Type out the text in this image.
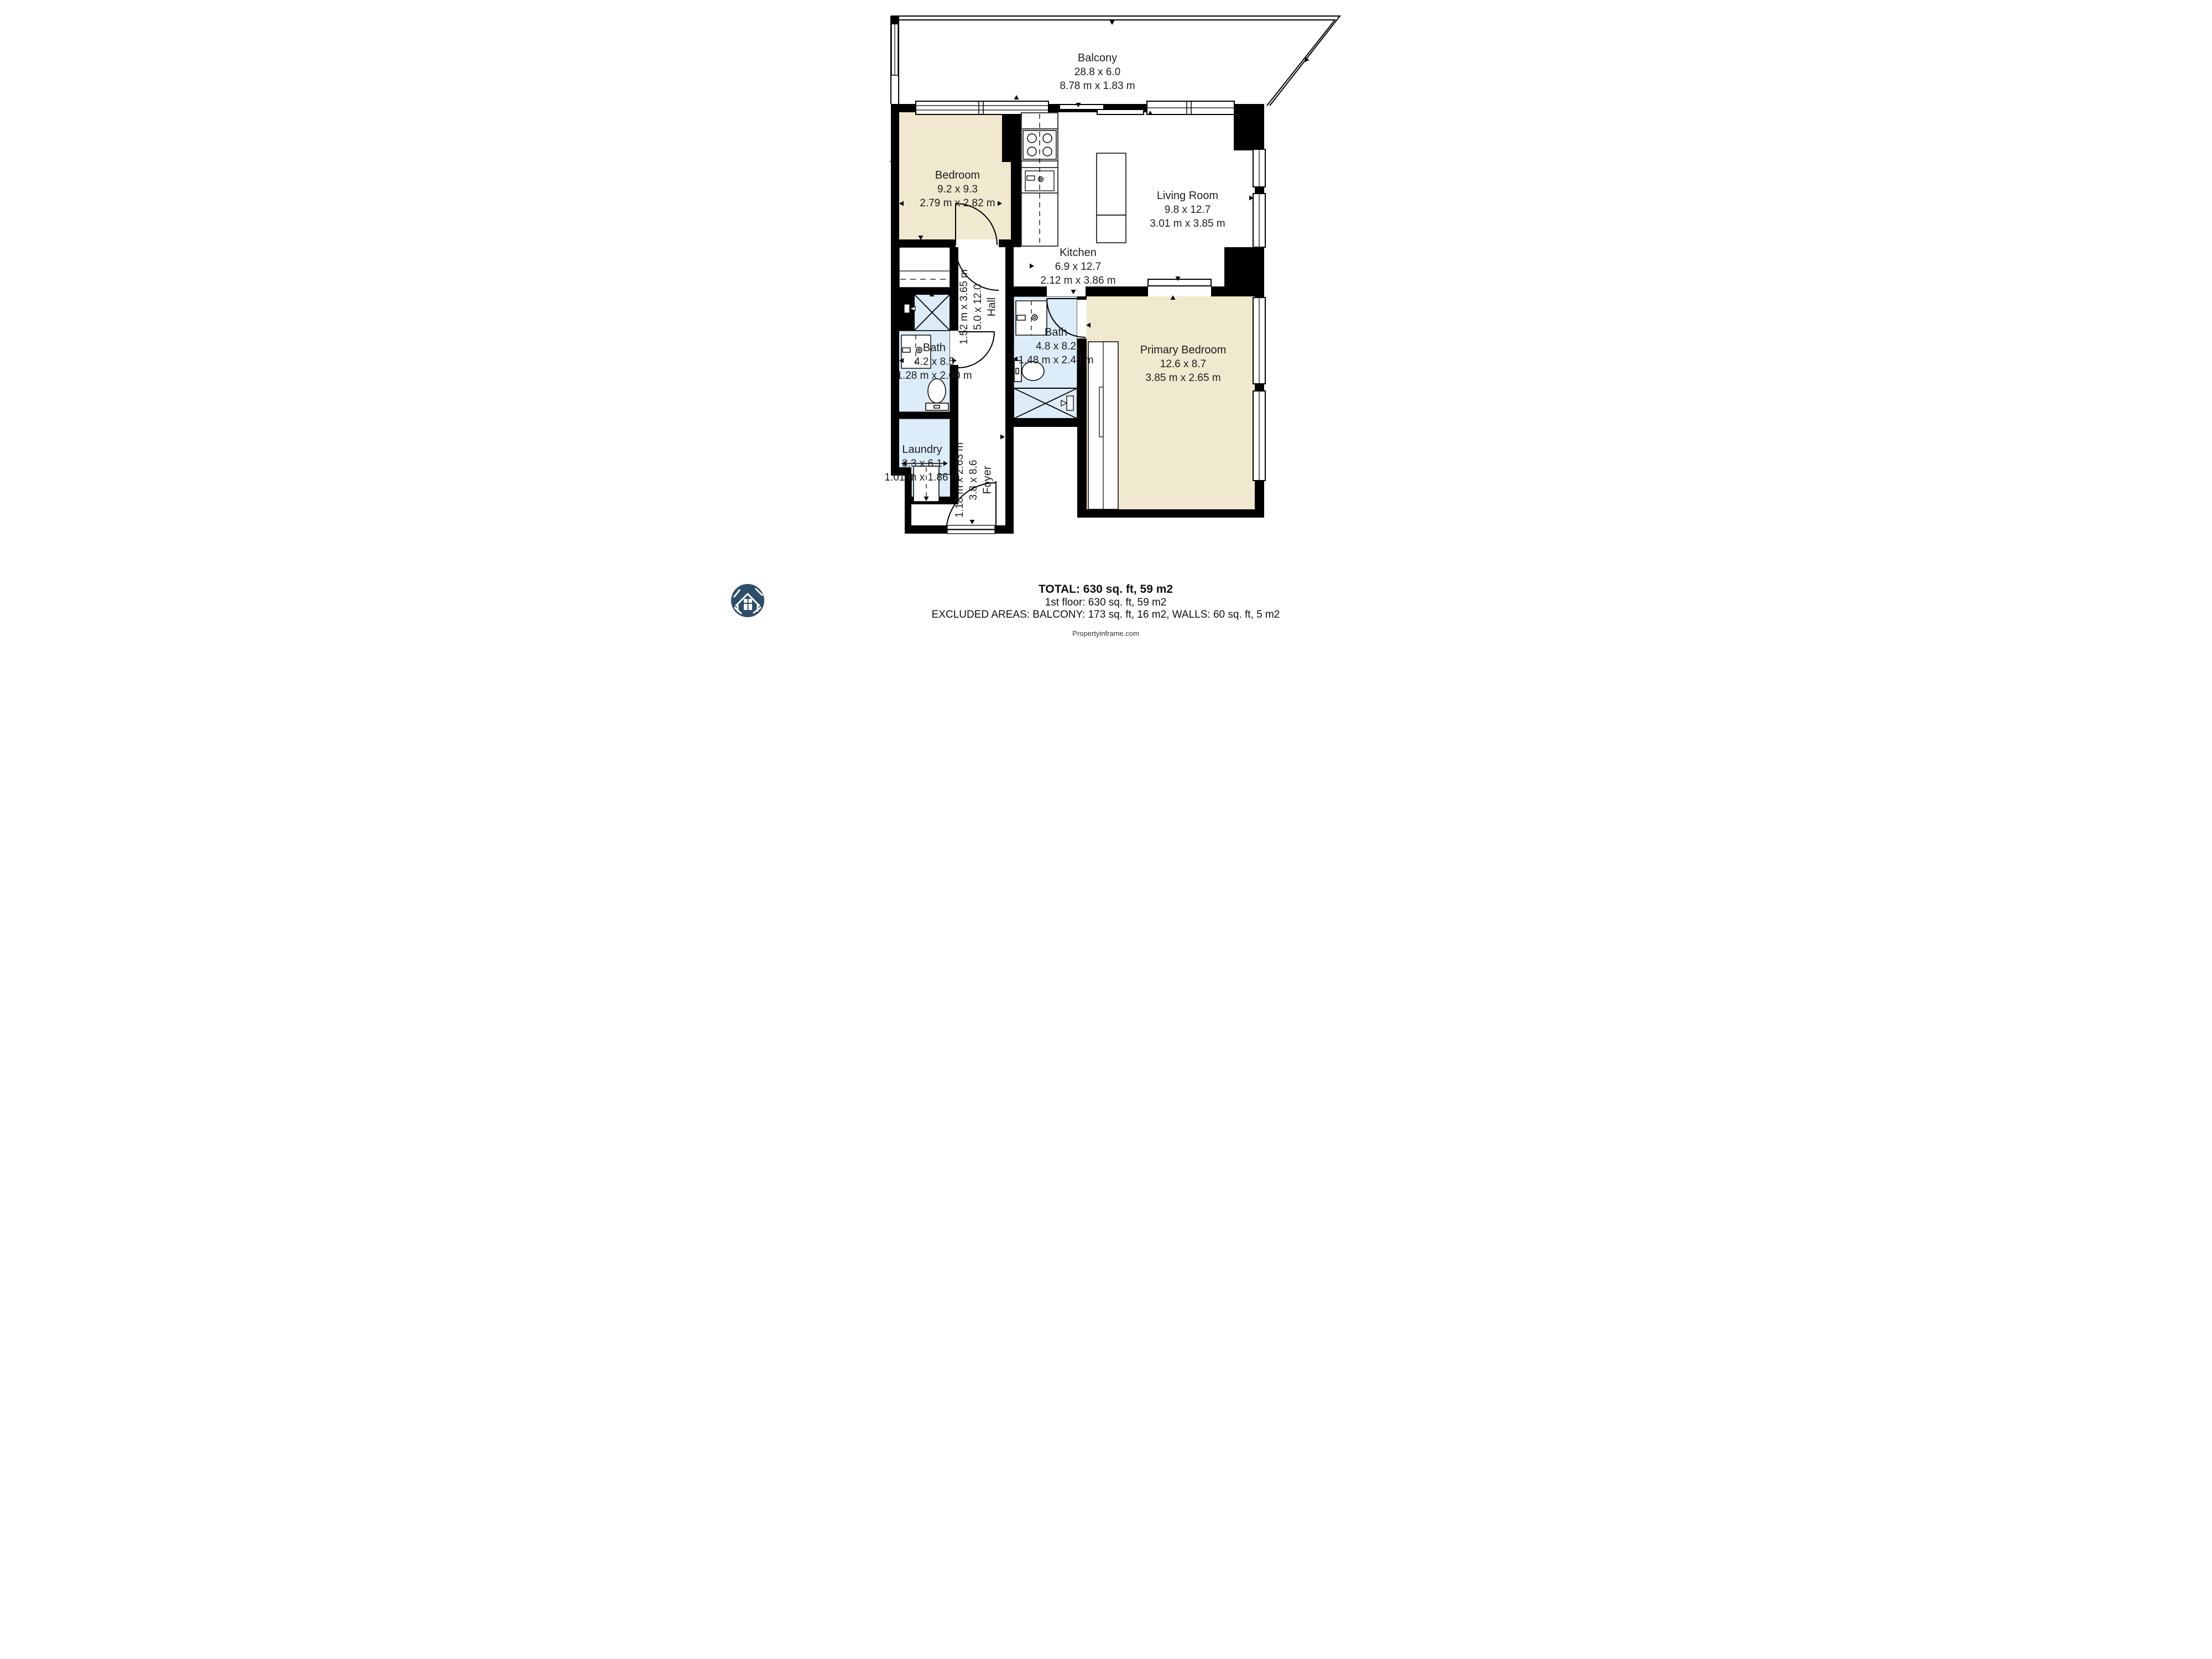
Balcony
28.8 x 6.0
8.78 m x 1.83 m
Bedroom
9.2 x 9.3
2.79 m x 2.82 m
Living Room
9.8 x 12.7
3.01 m x 3.85 m
Kitchen
6.9 x 12.7
2.12 m x 3.86 m
Bath
4.8 x 8.2
1.48 m x 2.48 m
Primary Bedroom
12.6 x 8.7
3.85 m x 2.65 m
Bath
4.2 x 8.5
1.28 m x 2.60 m
Laundry
3.3 x 6.1
1.01 m x 1.86 m
Hall
5.0 x 12.0
1.52 m x 3.65 m
Foyer
3.8 x 8.6
1.18 m x 2.63 m
TOTAL: 630 sq. ft, 59 m2
1st floor: 630 sq. ft, 59 m2
EXCLUDED AREAS: BALCONY: 173 sq. ft, 16 m2, WALLS: 60 sq. ft, 5 m2
Propertyinframe.com
